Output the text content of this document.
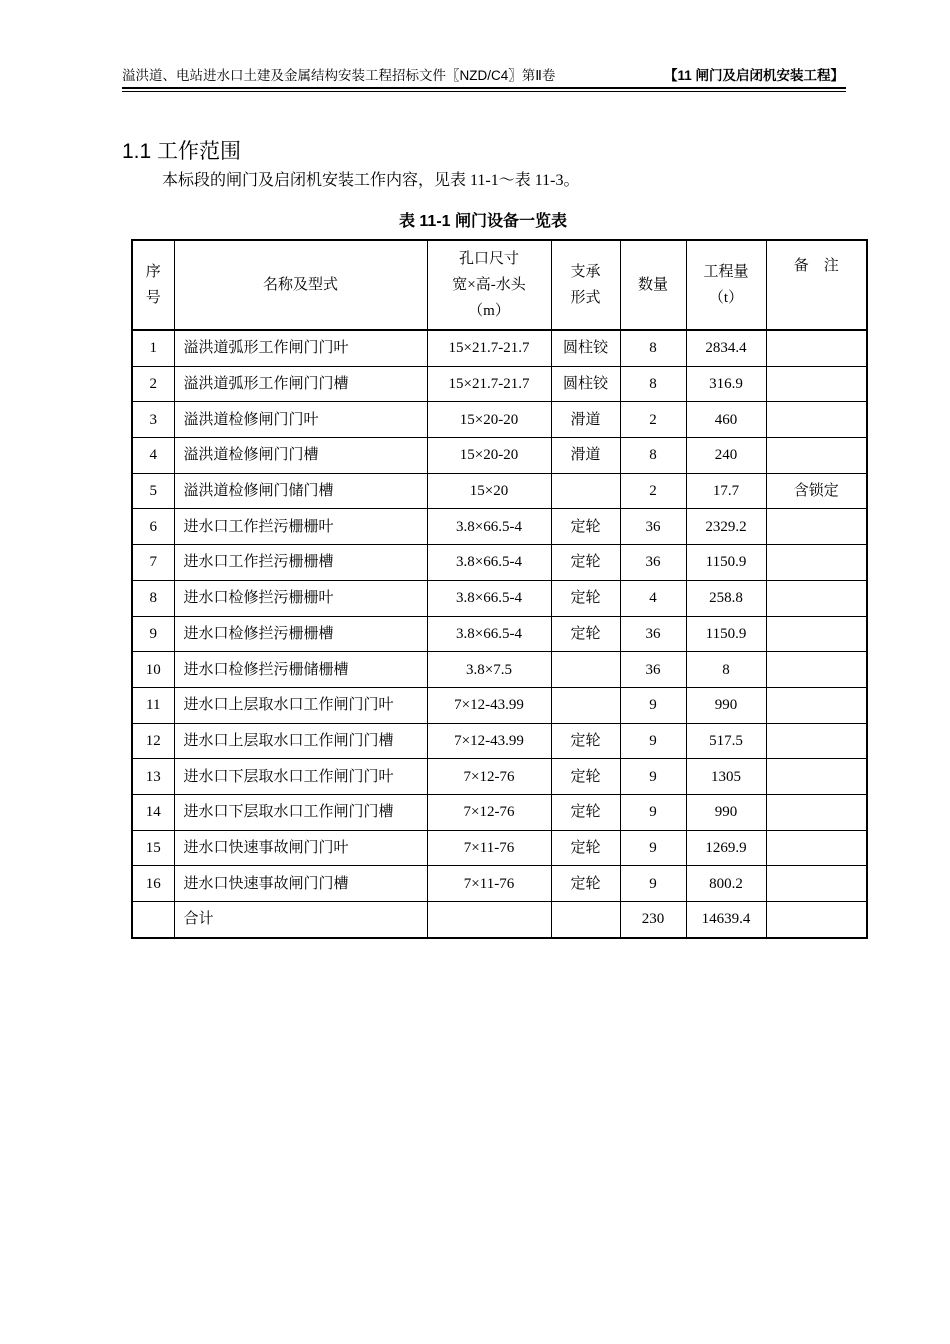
溢洪道、电站进水口土建及金属结构安装工程招标文件〖NZD/C4〗第Ⅱ卷	【11 闸门及启闭机安装工程】
1.1 工作范围
本标段的闸门及启闭机安装工作内容，见表 11-1～表 11-3。
表 11-1 闸门设备一览表
序
号	名称及型式	孔口尺寸
宽×高-水头
（m）	支承
形式	数量	工程量
（t）	备　注
1	溢洪道弧形工作闸门门叶	15×21.7-21.7	圆柱铰	8	2834.4	
2	溢洪道弧形工作闸门门槽	15×21.7-21.7	圆柱铰	8	316.9	
3	溢洪道检修闸门门叶	15×20-20	滑道	2	460	
4	溢洪道检修闸门门槽	15×20-20	滑道	8	240	
5	溢洪道检修闸门储门槽	15×20		2	17.7	含锁定
6	进水口工作拦污栅栅叶	3.8×66.5-4	定轮	36	2329.2	
7	进水口工作拦污栅栅槽	3.8×66.5-4	定轮	36	1150.9	
8	进水口检修拦污栅栅叶	3.8×66.5-4	定轮	4	258.8	
9	进水口检修拦污栅栅槽	3.8×66.5-4	定轮	36	1150.9	
10	进水口检修拦污栅储栅槽	3.8×7.5		36	8	
11	进水口上层取水口工作闸门门叶	7×12-43.99		9	990	
12	进水口上层取水口工作闸门门槽	7×12-43.99	定轮	9	517.5	
13	进水口下层取水口工作闸门门叶	7×12-76	定轮	9	1305	
14	进水口下层取水口工作闸门门槽	7×12-76	定轮	9	990	
15	进水口快速事故闸门门叶	7×11-76	定轮	9	1269.9	
16	进水口快速事故闸门门槽	7×11-76	定轮	9	800.2	
	合计			230	14639.4	
